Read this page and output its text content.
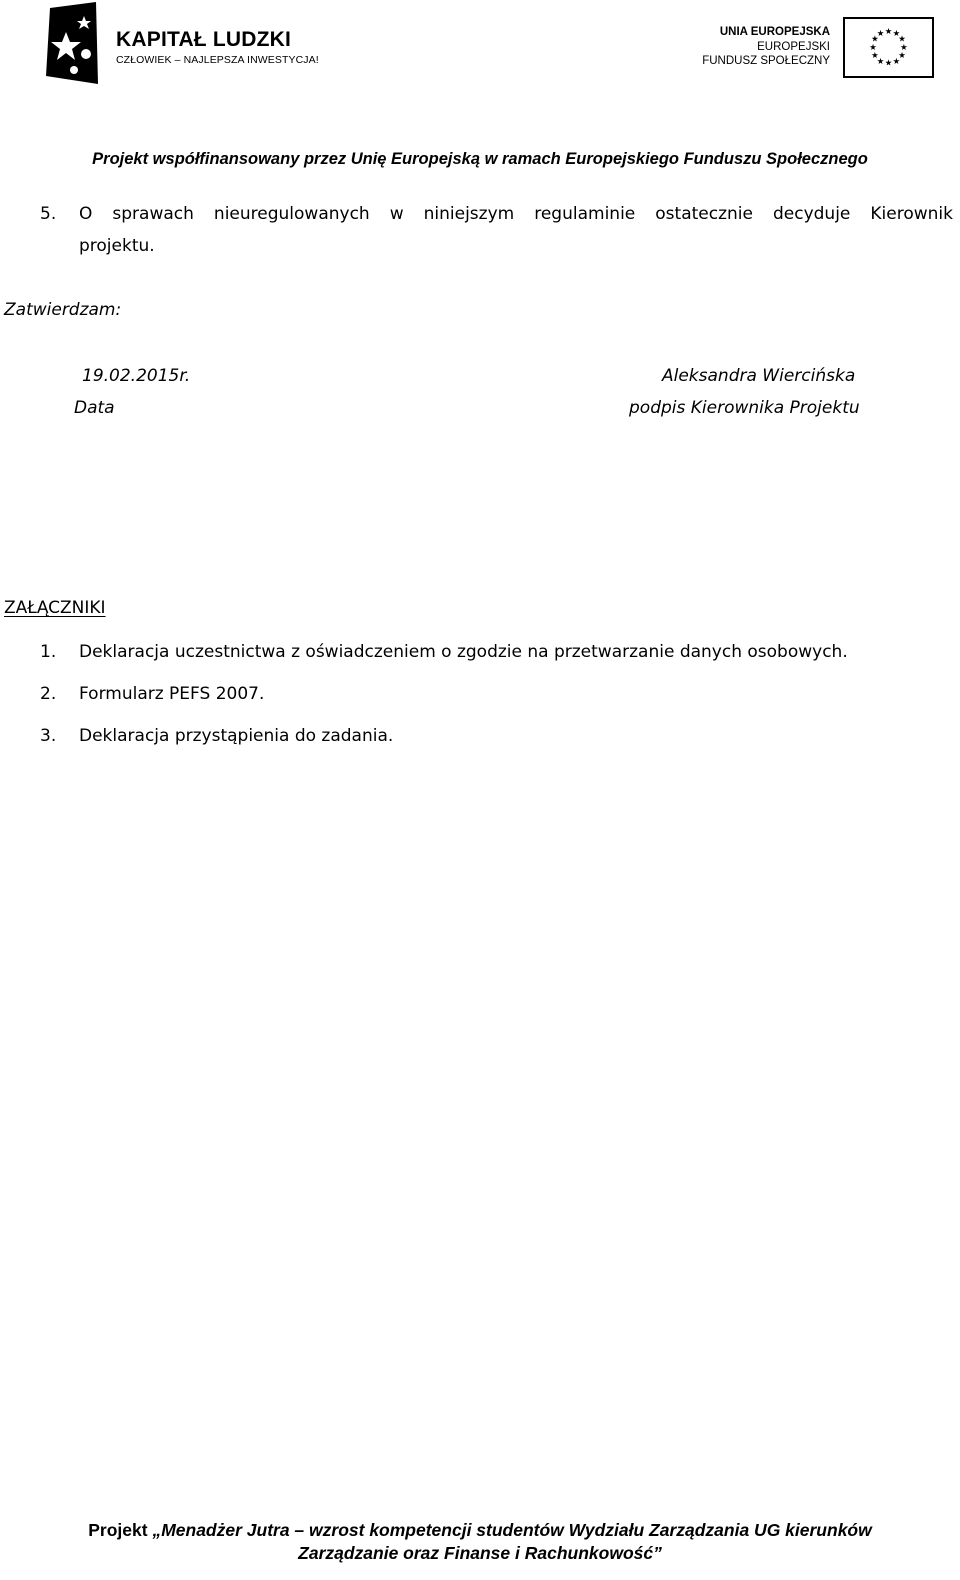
KAPITAŁ LUDZKI
CZŁOWIEK – NAJLEPSZA INWESTYCJA!
UNIA EUROPEJSKA
EUROPEJSKI
FUNDUSZ SPOŁECZNY
★ ★
★
★
★
★
★
★
★
★
★
★
Projekt współfinansowany przez Unię Europejską w ramach Europejskiego Funduszu Społecznego
5. O sprawach nieuregulowanych w niniejszym regulaminie ostatecznie decyduje Kierownik
projektu.
Zatwierdzam:
19.02.2015r.
Data
Aleksandra Wiercińska
podpis Kierownika Projektu
ZAŁĄCZNIKI
1. Deklaracja uczestnictwa z oświadczeniem o zgodzie na przetwarzanie danych osobowych.
2. Formularz PEFS 2007.
3. Deklaracja przystąpienia do zadania.
Projekt „Menadżer Jutra – wzrost kompetencji studentów Wydziału Zarządzania UG kierunków
Zarządzanie oraz Finanse i Rachunkowość”
